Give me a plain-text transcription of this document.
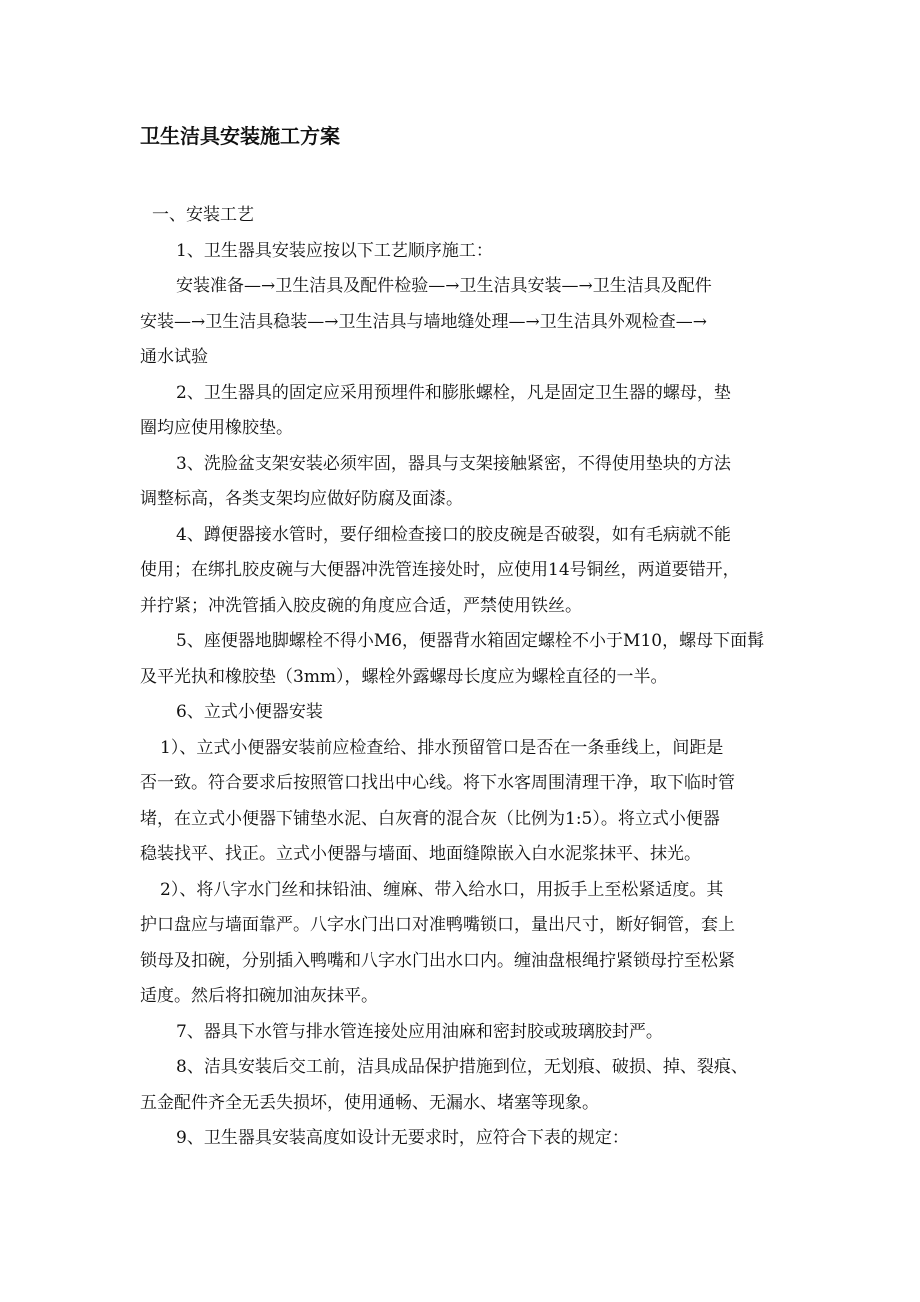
卫生洁具安装施工方案

一、安装工艺

1、卫生器具安装应按以下工艺顺序施工：

安装准备—→卫生洁具及配件检验—→卫生洁具安装—→卫生洁具及配件

安装—→卫生洁具稳装—→卫生洁具与墙地缝处理—→卫生洁具外观检查—→

通水试验

2、卫生器具的固定应采用预埋件和膨胀螺栓，凡是固定卫生器的螺母，垫

圈均应使用橡胶垫。

3、洗脸盆支架安装必须牢固，器具与支架接触紧密，不得使用垫块的方法

调整标高，各类支架均应做好防腐及面漆。

4、蹲便器接水管时，要仔细检查接口的胶皮碗是否破裂，如有毛病就不能

使用；在绑扎胶皮碗与大便器冲洗管连接处时，应使用14号铜丝，两道要错开，

并拧紧；冲洗管插入胶皮碗的角度应合适，严禁使用铁丝。

5、座便器地脚螺栓不得小M6，便器背水箱固定螺栓不小于M10，螺母下面髯

及平光执和橡胶垫（3mm），螺栓外露螺母长度应为螺栓直径的一半。

6、立式小便器安装

1）、立式小便器安装前应检查给、排水预留管口是否在一条垂线上，间距是

否一致。符合要求后按照管口找出中心线。将下水客周围清理干净，取下临时管

堵，在立式小便器下铺垫水泥、白灰膏的混合灰（比例为1:5）。将立式小便器

稳装找平、找正。立式小便器与墙面、地面缝隙嵌入白水泥浆抹平、抹光。

2）、将八字水门丝和抹铅油、缠麻、带入给水口，用扳手上至松紧适度。其

护口盘应与墙面靠严。八字水门出口对准鸭嘴锁口，量出尺寸，断好铜管，套上

锁母及扣碗，分别插入鸭嘴和八字水门出水口内。缠油盘根绳拧紧锁母拧至松紧

适度。然后将扣碗加油灰抹平。

7、器具下水管与排水管连接处应用油麻和密封胶或玻璃胶封严。

8、洁具安装后交工前，洁具成品保护措施到位，无划痕、破损、掉、裂痕、

五金配件齐全无丢失损坏，使用通畅、无漏水、堵塞等现象。

9、卫生器具安装高度如设计无要求时，应符合下表的规定：
